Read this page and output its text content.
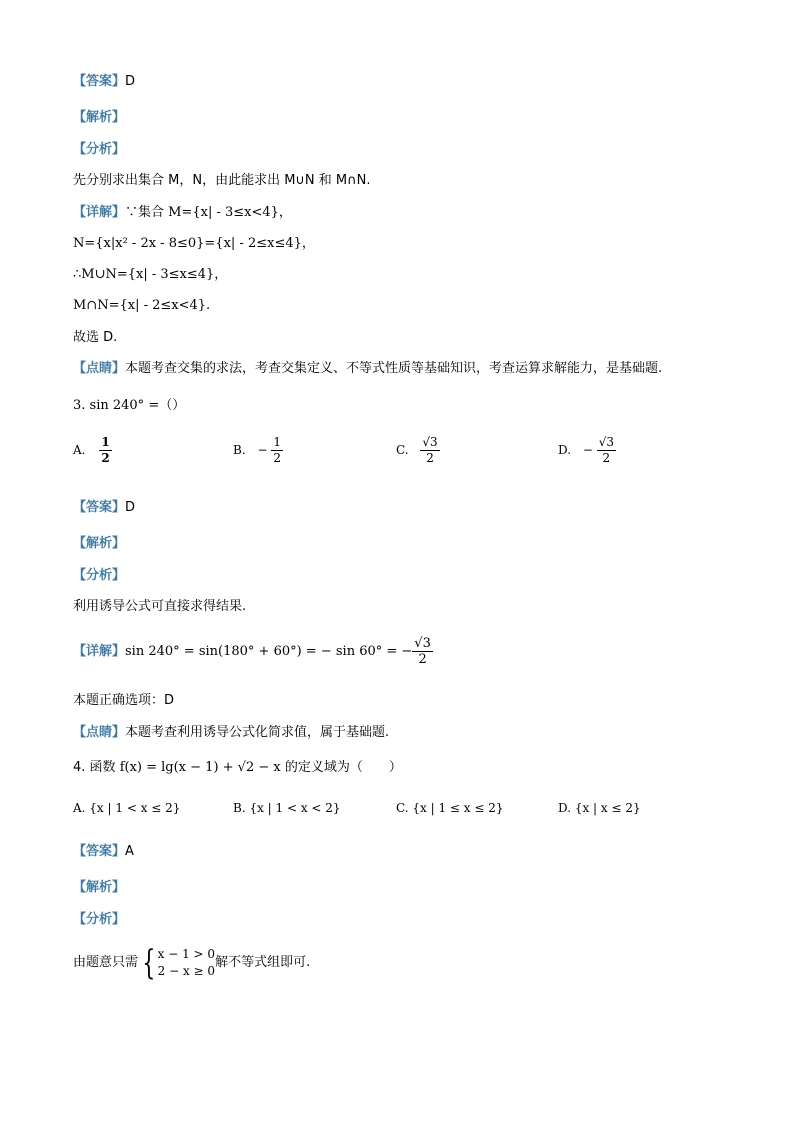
【答案】D
【解析】
【分析】
先分别求出集合 M，N，由此能求出 M∪N 和 M∩N.
【详解】∵集合 M={x| - 3≤x<4}，
N={x|x² - 2x - 8≤0}={x| - 2≤x≤4}，
∴M∪N={x| - 3≤x≤4}，
M∩N={x| - 2≤x<4}.
故选 D.
【点睛】本题考查交集的求法，考查交集定义、不等式性质等基础知识，考查运算求解能力，是基础题.
3. sin 240° =（）
A. $\frac{1}{2}$	B. − $\frac{1}{2}$	C. $\frac{√3}{2}$	D. − $\frac{√3}{2}$
【答案】D
【解析】
【分析】
利用诱导公式可直接求得结果.
【详解】sin 240° = sin(180° + 60°) = − sin 60° = − $\frac{√3}{2}$
本题正确选项：D
【点睛】本题考查利用诱导公式化简求值，属于基础题.
4. 函数 f(x) = lg(x − 1) + √2 − x 的定义域为（　　）
A. {x | 1 < x ≤ 2}	B. {x | 1 < x < 2}	C. {x | 1 ≤ x ≤ 2}	D. {x | x ≤ 2}
【答案】A
【解析】
【分析】
由题意只需 { x − 1 > 0
2 − x ≥ 0
解不等式组即可.
